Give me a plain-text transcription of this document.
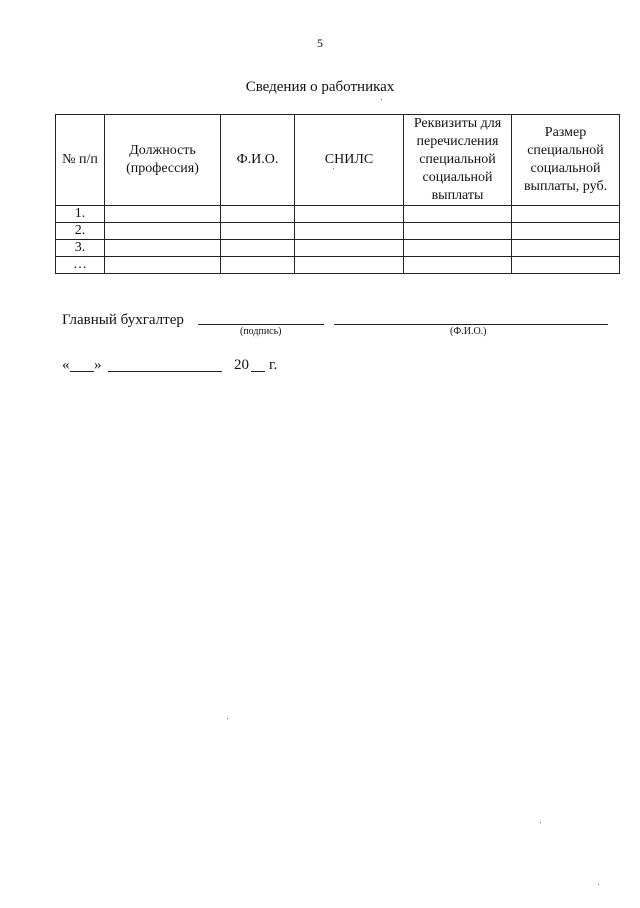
5
Сведения о работниках
№ п/п	Должность (профессия)	Ф.И.О.	СНИЛС	Реквизиты для перечисления специальной социальной выплаты	Размер специальной социальной выплаты, руб.
1.					
2.					
3.					
…					
Главный бухгалтер
(подпись)	(Ф.И.О.)
« »	20 г.
